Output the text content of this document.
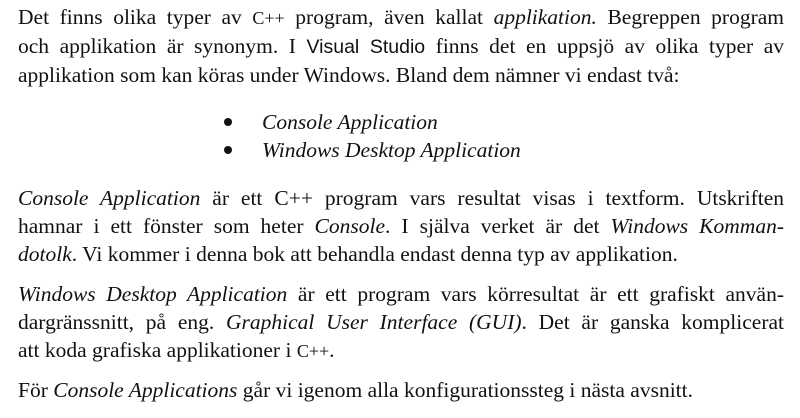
Det finns olika typer av C++ program, även kallat applikation. Begreppen program
och applikation är synonym. I Visual Studio finns det en uppsjö av olika typer av
applikation som kan köras under Windows. Bland dem nämner vi endast två:

Console Application
Windows Desktop Application

Console Application är ett C++ program vars resultat visas i textform. Utskriften
hamnar i ett fönster som heter Console. I själva verket är det Windows Komman-
dotolk. Vi kommer i denna bok att behandla endast denna typ av applikation.

Windows Desktop Application är ett program vars körresultat är ett grafiskt använ-
dargränssnitt, på eng. Graphical User Interface (GUI). Det är ganska komplicerat
att koda grafiska applikationer i C++.

För Console Applications går vi igenom alla konfigurationssteg i nästa avsnitt.
